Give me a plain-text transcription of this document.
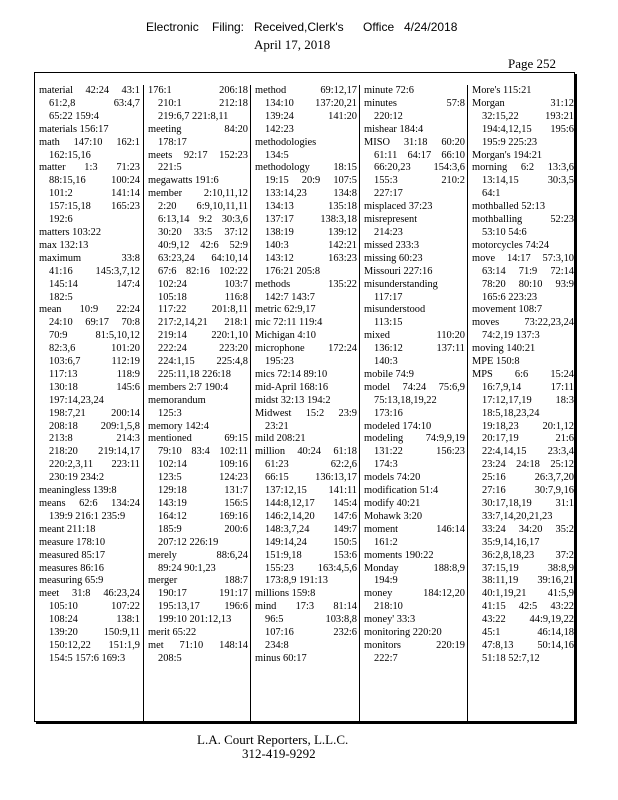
Electronic Filing: Received,Clerk's Office 4/24/2018
April 17, 2018
Page 252
material 42:24 43:1
61:2,8 63:4,7
65:22 159:4
materials 156:17
math 147:10 162:1
162:15,16
matter 1:3 71:23
88:15,16 100:24
101:2 141:14
157:15,18 165:23
192:6
matters 103:22
max 132:13
maximum 33:8
41:16 145:3,7,12
145:14 147:4
182:5
mean 10:9 22:24
24:10 69:17 70:8
70:9 81:5,10,12
82:3,6 101:20
103:6,7 112:19
117:13 118:9
130:18 145:6
197:14,23,24
198:7,21 200:14
208:18 209:1,5,8
213:8 214:3
218:20 219:14,17
220:2,3,11 223:11
230:19 234:2
meaningless 139:8
means 62:6 134:24
139:9 216:1 235:9
meant 211:18
measure 178:10
measured 85:17
measures 86:16
measuring 65:9
meet 31:8 46:23,24
105:10 107:22
108:24 138:1
139:20 150:9,11
150:12,22 151:1,9
154:5 157:6 169:3
176:1 206:18
210:1 212:18
219:6,7 221:8,11
meeting 84:20
178:17
meets 92:17 152:23
221:5
megawatts 191:6
member 2:10,11,12
2:20 6:9,10,11,11
6:13,14 9:2 30:3,6
30:20 33:5 37:12
40:9,12 42:6 52:9
63:23,24 64:10,14
67:6 82:16 102:22
102:24 103:7
105:18 116:8
117:22 201:8,11
217:2,14,21 218:1
219:14 220:1,10
222:24 223:20
224:1,15 225:4,8
225:11,18 226:18
members 2:7 190:4
memorandum
125:3
memory 142:4
mentioned 69:15
79:10 83:4 102:11
102:14 109:16
123:5 124:23
129:18 131:7
143:19 156:5
164:12 169:16
185:9 200:6
207:12 226:19
merely 88:6,24
89:24 90:1,23
merger 188:7
190:17 191:17
195:13,17 196:6
199:10 201:12,13
merit 65:22
met 71:10 148:14
208:5
method 69:12,17
134:10 137:20,21
139:24 141:20
142:23
methodologies
134:5
methodology 18:15
19:15 20:9 107:5
133:14,23 134:8
134:13 135:18
137:17 138:3,18
138:19 139:12
140:3 142:21
143:12 163:23
176:21 205:8
methods 135:22
142:7 143:7
metric 62:9,17
mic 72:11 119:4
Michigan 4:10
microphone 172:24
195:23
mics 72:14 89:10
mid-April 168:16
midst 32:13 194:2
Midwest 15:2 23:9
23:21
mild 208:21
million 40:24 61:18
61:23 62:2,6
66:15 136:13,17
137:12,15 141:11
144:8,12,17 145:4
146:2,14,20 147:6
148:3,7,24 149:7
149:14,24 150:5
151:9,18 153:6
155:23 163:4,5,6
173:8,9 191:13
millions 159:8
mind 17:3 81:14
96:5 103:8,8
107:16 232:6
234:8
minus 60:17
minute 72:6
minutes 57:8
220:12
mishear 184:4
MISO 31:18 60:20
61:11 64:17 66:10
66:20,23 154:3,6
155:3 210:2
227:17
misplaced 37:23
misrepresent
214:23
missed 233:3
missing 60:23
Missouri 227:16
misunderstanding
117:17
misunderstood
113:15
mixed 110:20
136:12 137:11
140:3
mobile 74:9
model 74:24 75:6,9
75:13,18,19,22
173:16
modeled 174:10
modeling 74:9,9,19
131:22 156:23
174:3
models 74:20
modification 51:4
modify 40:21
Mohawk 3:20
moment 146:14
161:2
moments 190:22
Monday 188:8,9
194:9
money 184:12,20
218:10
money' 33:3
monitoring 220:20
monitors 220:19
222:7
More's 115:21
Morgan 31:12
32:15,22 193:21
194:4,12,15 195:6
195:9 225:23
Morgan's 194:21
morning 6:2 13:3,6
13:14,15 30:3,5
64:1
mothballed 52:13
mothballing 52:23
53:10 54:6
motorcycles 74:24
move 14:17 57:3,10
63:14 71:9 72:14
78:20 80:10 93:9
165:6 223:23
movement 108:7
moves 73:22,23,24
74:2,19 137:3
moving 140:21
MPE 150:8
MPS 6:6 15:24
16:7,9,14 17:11
17:12,17,19 18:3
18:5,18,23,24
19:18,23 20:1,12
20:17,19 21:6
22:4,14,15 23:3,4
23:24 24:18 25:12
25:16 26:3,7,20
27:16 30:7,9,16
30:17,18,19 31:1
33:7,14,20,21,23
33:24 34:20 35:2
35:9,14,16,17
36:2,8,18,23 37:2
37:15,19 38:8,9
38:11,19 39:16,21
40:1,19,21 41:5,9
41:15 42:5 43:22
43:22 44:9,19,22
45:1 46:14,18
47:8,13 50:14,16
51:18 52:7,12
L.A. Court Reporters, L.L.C.
312-419-9292
